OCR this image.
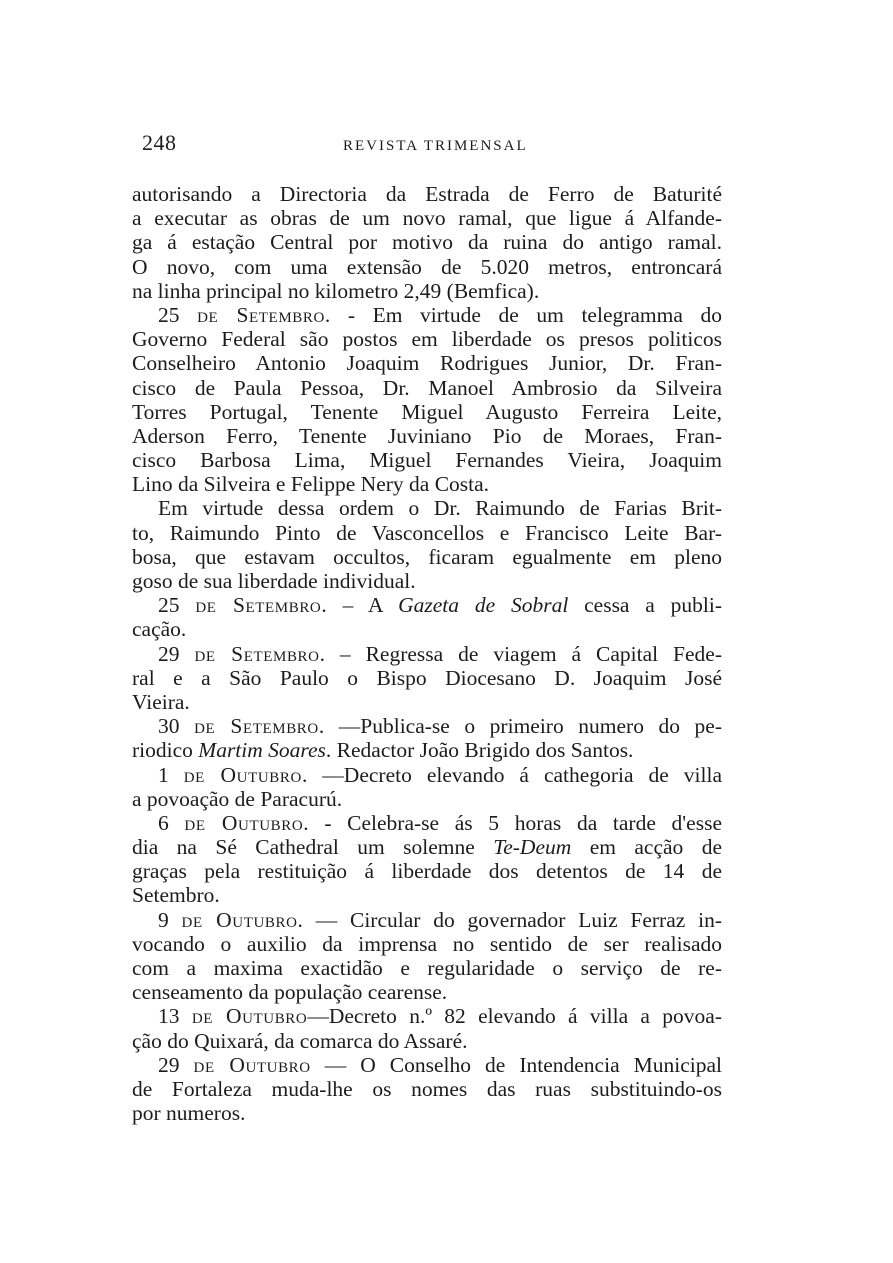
248	REVISTA TRIMENSAL
autorisando a Directoria da Estrada de Ferro de Baturité
a executar as obras de um novo ramal, que ligue á Alfande-
ga á estação Central por motivo da ruina do antigo ramal.
O novo, com uma extensão de 5.020 metros, entroncará
na linha principal no kilometro 2,49 (Bemfica).
25 de Setembro. - Em virtude de um telegramma do
Governo Federal são postos em liberdade os presos politicos
Conselheiro Antonio Joaquim Rodrigues Junior, Dr. Fran-
cisco de Paula Pessoa, Dr. Manoel Ambrosio da Silveira
Torres Portugal, Tenente Miguel Augusto Ferreira Leite,
Aderson Ferro, Tenente Juviniano Pio de Moraes, Fran-
cisco Barbosa Lima, Miguel Fernandes Vieira, Joaquim
Lino da Silveira e Felippe Nery da Costa.
Em virtude dessa ordem o Dr. Raimundo de Farias Brit-
to, Raimundo Pinto de Vasconcellos e Francisco Leite Bar-
bosa, que estavam occultos, ficaram egualmente em pleno
goso de sua liberdade individual.
25 de Setembro. – A Gazeta de Sobral cessa a publi-
cação.
29 de Setembro. – Regressa de viagem á Capital Fede-
ral e a São Paulo o Bispo Diocesano D. Joaquim José
Vieira.
30 de Setembro. —Publica-se o primeiro numero do pe-
riodico Martim Soares. Redactor João Brigido dos Santos.
1 de Outubro. —Decreto elevando á cathegoria de villa
a povoação de Paracurú.
6 de Outubro. - Celebra-se ás 5 horas da tarde d'esse
dia na Sé Cathedral um solemne Te-Deum em acção de
graças pela restituição á liberdade dos detentos de 14 de
Setembro.
9 de Outubro. — Circular do governador Luiz Ferraz in-
vocando o auxilio da imprensa no sentido de ser realisado
com a maxima exactidão e regularidade o serviço de re-
censeamento da população cearense.
13 de Outubro—Decreto n.º 82 elevando á villa a povoa-
ção do Quixará, da comarca do Assaré.
29 de Outubro — O Conselho de Intendencia Municipal
de Fortaleza muda-lhe os nomes das ruas substituindo-os
por numeros.
